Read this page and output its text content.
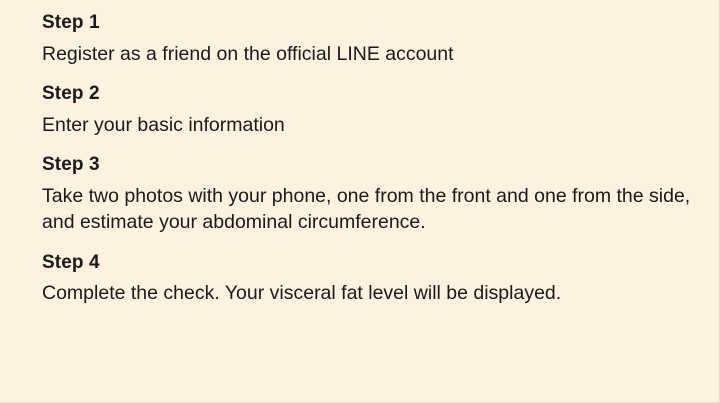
Step 1
Register as a friend on the official LINE account
Step 2
Enter your basic information
Step 3
Take two photos with your phone, one from the front and one from the side, and estimate your abdominal circumference.
Step 4
Complete the check. Your visceral fat level will be displayed.
